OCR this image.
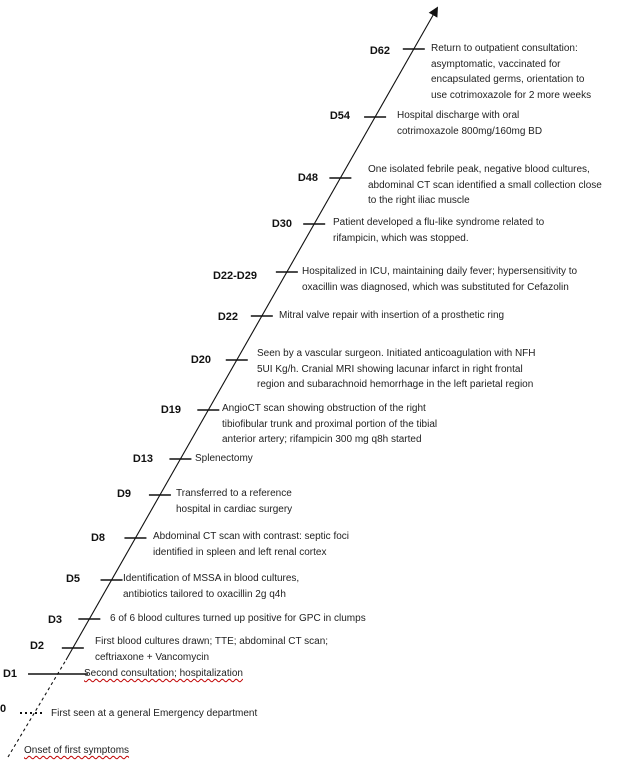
D62	Return to outpatient consultation:
asymptomatic, vaccinated for
encapsulated germs, orientation to
use cotrimoxazole for 2 more weeks
D54	Hospital discharge with oral
cotrimoxazole 800mg/160mg BD
D48
One isolated febrile peak, negative blood cultures,
abdominal CT scan identified a small collection close
to the right iliac muscle
D30	Patient developed a flu-like syndrome related to
rifampicin, which was stopped.
D22-D29	Hospitalized in ICU, maintaining daily fever; hypersensitivity to
oxacillin was diagnosed, which was substituted for Cefazolin
D22	Mitral valve repair with insertion of a prosthetic ring
D20
Seen by a vascular surgeon. Initiated anticoagulation with NFH
5UI Kg/h. Cranial MRI showing lacunar infarct in right frontal
region and subarachnoid hemorrhage in the left parietal region
D19	AngioCT scan showing obstruction of the right
tibiofibular trunk and proximal portion of the tibial
anterior artery; rifampicin 300 mg q8h started
D13	Splenectomy
D9	Transferred to a reference
hospital in cardiac surgery
D8	Abdominal CT scan with contrast: septic foci
identified in spleen and left renal cortex
D5	Identification of MSSA in blood cultures,
antibiotics tailored to oxacillin 2g q4h
D3	6 of 6 blood cultures turned up positive for GPC in clumps
D2	First blood cultures drawn; TTE; abdominal CT scan;
ceftriaxone + Vancomycin
D1	Second consultation; hospitalization
0	First seen at a general Emergency department
Onset of first symptoms
